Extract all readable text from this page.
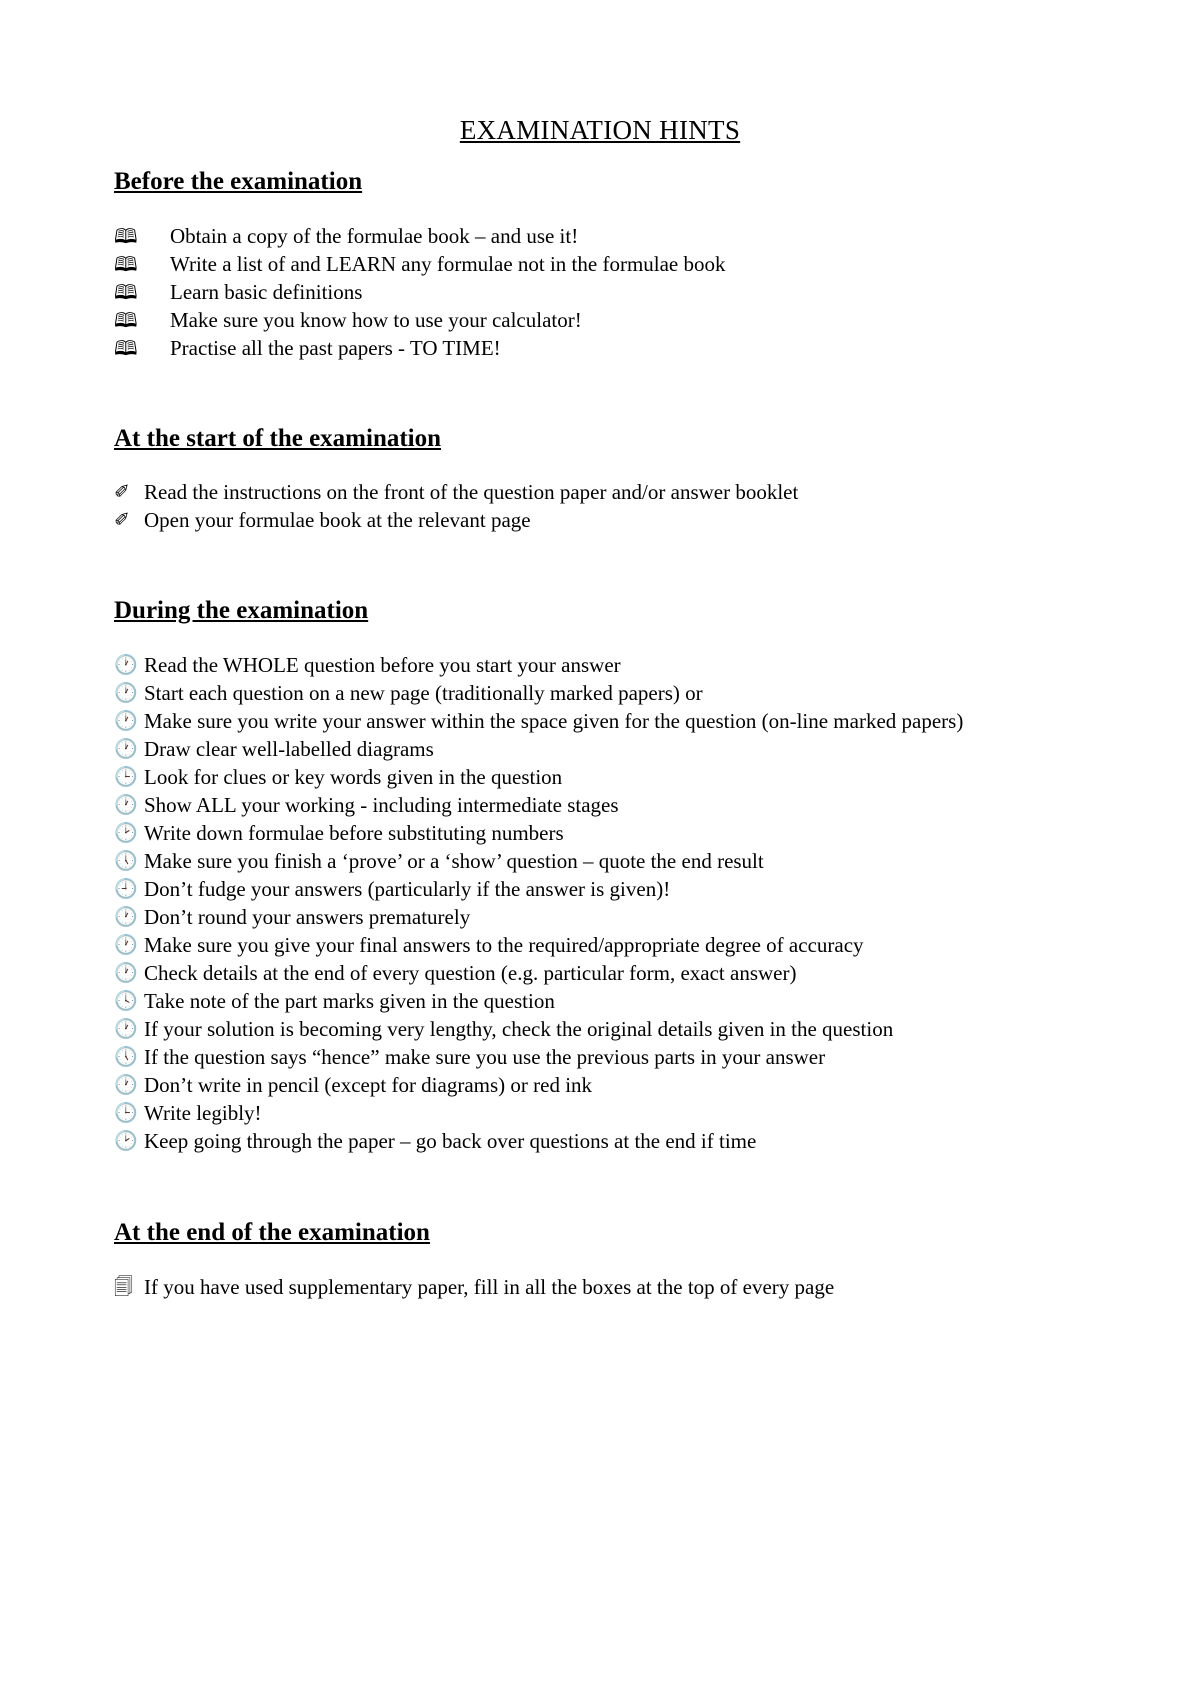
EXAMINATION HINTS
Before the examination
🕮	Obtain a copy of the formulae book – and use it!
🕮	Write a list of and LEARN any formulae not in the formulae book
🕮	Learn basic definitions
🕮	Make sure you know how to use your calculator!
🕮	Practise all the past papers - TO TIME!
At the start of the examination
✐ Read the instructions on the front of the question paper and/or answer booklet
✐ Open your formulae book at the relevant page
During the examination
🕐 Read the WHOLE question before you start your answer
🕐 Start each question on a new page (traditionally marked papers) or
🕐 Make sure you write your answer within the space given for the question (on-line marked papers)
🕐 Draw clear well-labelled diagrams
🕒 Look for clues or key words given in the question
🕐 Show ALL your working - including intermediate stages
🕑 Write down formulae before substituting numbers
🕔 Make sure you finish a ‘prove’ or a ‘show’ question – quote the end result
🕘 Don’t fudge your answers (particularly if the answer is given)!
🕐 Don’t round your answers prematurely
🕐 Make sure you give your final answers to the required/appropriate degree of accuracy
🕐 Check details at the end of every question (e.g. particular form, exact answer)
🕓 Take note of the part marks given in the question
🕐 If your solution is becoming very lengthy, check the original details given in the question
🕔 If the question says “hence” make sure you use the previous parts in your answer
🕐 Don’t write in pencil (except for diagrams) or red ink
🕒 Write legibly!
🕑 Keep going through the paper – go back over questions at the end if time
At the end of the examination
🗐 If you have used supplementary paper, fill in all the boxes at the top of every page
